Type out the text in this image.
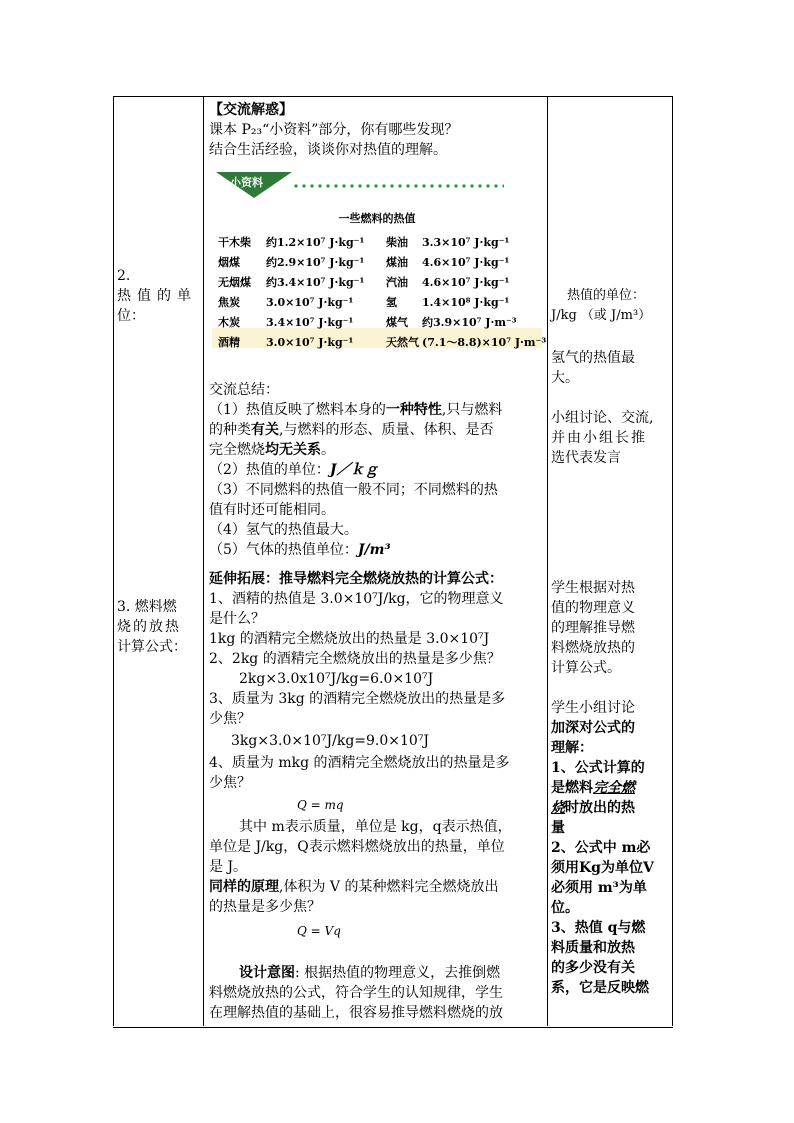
2.
热值的单
位：
3. 燃料燃
烧的放热
计算公式：
【交流解惑】
课本 P₂₃“小资料”部分，你有哪些发现？
结合生活经验，谈谈你对热值的理解。
小资料
一些燃料的热值
干木柴	约1.2×10⁷ J·kg⁻¹ 柴油	3.3×10⁷ J·kg⁻¹
烟煤	约2.9×10⁷ J·kg⁻¹ 煤油	4.6×10⁷ J·kg⁻¹
无烟煤	约3.4×10⁷ J·kg⁻¹ 汽油	4.6×10⁷ J·kg⁻¹
焦炭	3.0×10⁷ J·kg⁻¹	氢	1.4×10⁸ J·kg⁻¹
木炭	3.4×10⁷ J·kg⁻¹	煤气	约3.9×10⁷ J·m⁻³
酒精	3.0×10⁷ J·kg⁻¹	天然气 (7.1～8.8)×10⁷ J·m⁻³
交流总结：
（1）热值反映了燃料本身的一种特性,只与燃料
的种类有关,与燃料的形态、质量、体积、是否
完全燃烧均无关系。
（2）热值的单位：J／ｋｇ
（3）不同燃料的热值一般不同；不同燃料的热
值有时还可能相同。
（4）氢气的热值最大。
（5）气体的热值单位：J/m³
延伸拓展：推导燃料完全燃烧放热的计算公式：
1、酒精的热值是 3.0×10⁷J/kg，它的物理意义
是什么？
1kg 的酒精完全燃烧放出的热量是 3.0×10⁷J
2、2kg 的酒精完全燃烧放出的热量是多少焦？
2kg×3.0x10⁷J/kg=6.0×10⁷J
3、质量为 3kg 的酒精完全燃烧放出的热量是多
少焦？
3kg×3.0×10⁷J/kg=9.0×10⁷J
4、质量为 mkg 的酒精完全燃烧放出的热量是多
少焦？
Q = mq
其中 m表示质量，单位是 kg，q表示热值，
单位是 J/kg，Q表示燃料燃烧放出的热量，单位
是 J。
同样的原理,体积为 V 的某种燃料完全燃烧放出
的热量是多少焦？
Q = Vq
设计意图: 根据热值的物理意义，去推倒燃
料燃烧放热的公式，符合学生的认知规律，学生
在理解热值的基础上，很容易推导燃料燃烧的放
热值的单位：
J/kg （或 J/m³）
氢气的热值最
大。
小组讨论、交流,
并由小组长推
选代表发言
学生根据对热
值的物理意义
的理解推导燃
料燃烧放热的
计算公式。
学生小组讨论
加深对公式的
理解：
1、公式计算的
是燃料完全燃
烧时放出的热
量
2、公式中 m必
须用Kg为单位V
必须用 m³为单
位。
3、热值 q与燃
料质量和放热
的多少没有关
系，它是反映燃
